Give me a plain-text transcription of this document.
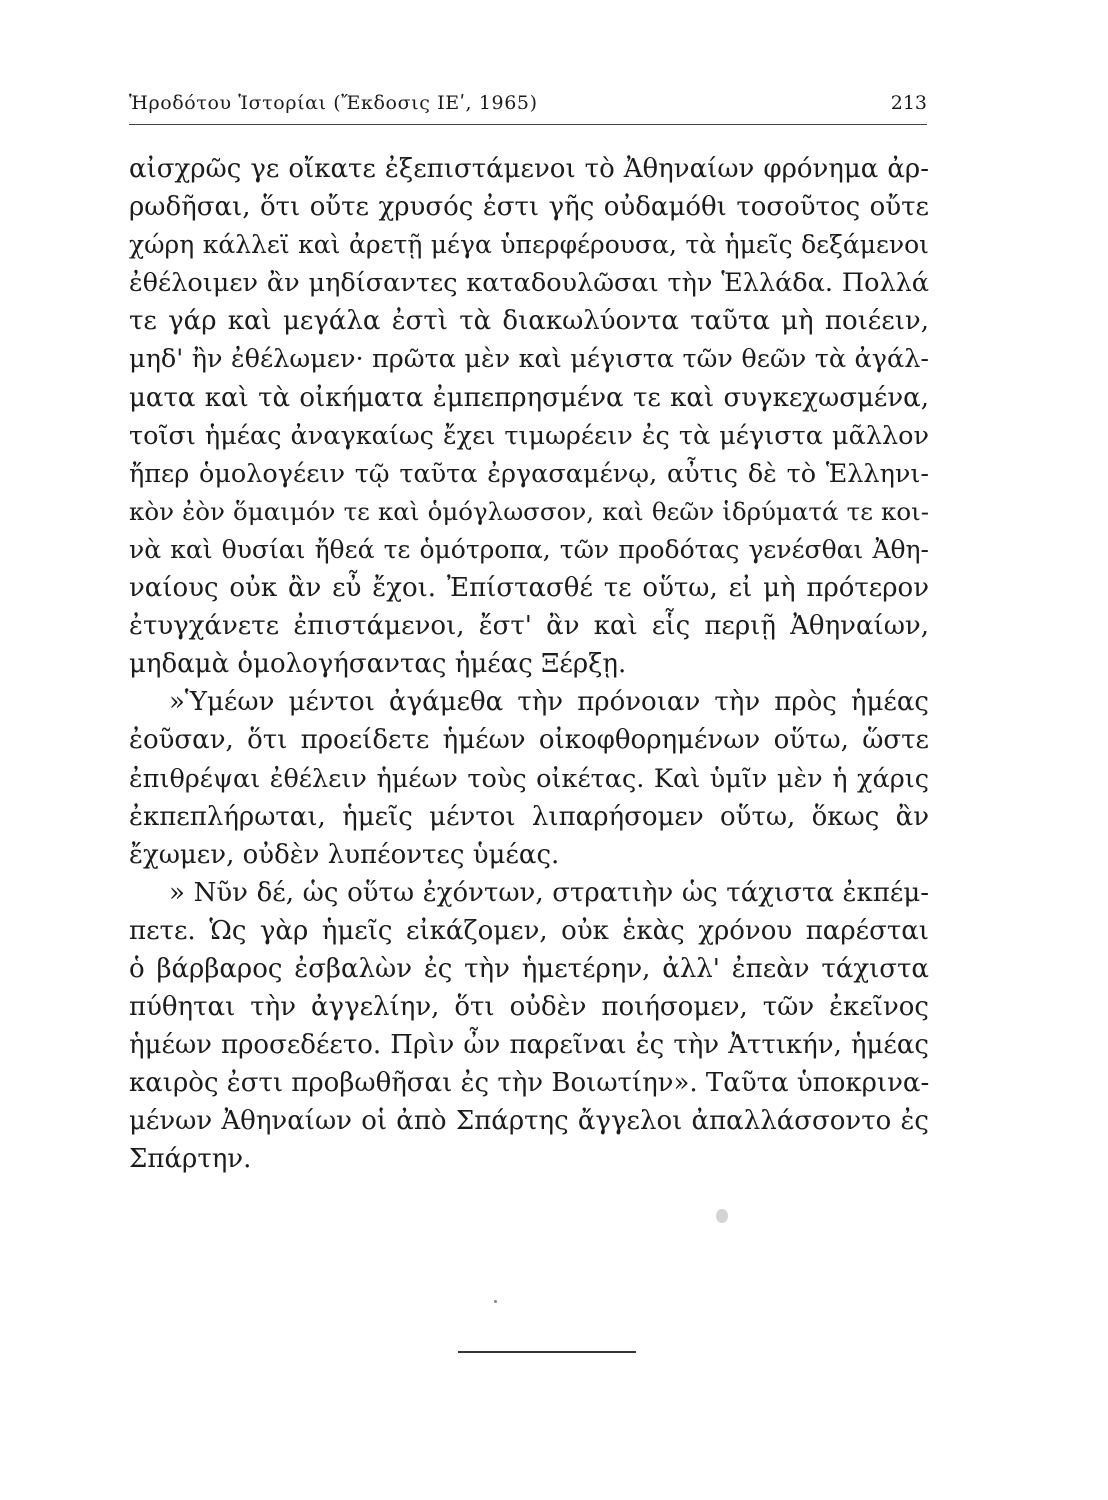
Ἡροδότου Ἱστορίαι (Ἔκδοσις ΙΕʹ, 1965)	213
αἰσχρῶς γε οἴκατε ἐξεπιστάμενοι τὸ Ἀθηναίων φρόνημα ἀρ-
ρωδῆσαι, ὅτι οὔτε χρυσός ἐστι γῆς οὐδαμόθι τοσοῦτος οὔτε
χώρη κάλλεϊ καὶ ἀρετῇ μέγα ὑπερφέρουσα, τὰ ἡμεῖς δεξάμενοι
ἐθέλοιμεν ἂν μηδίσαντες καταδουλῶσαι τὴν Ἑλλάδα. Πολλά
τε γάρ καὶ μεγάλα ἐστὶ τὰ διακωλύοντα ταῦτα μὴ ποιέειν,
μηδ' ἢν ἐθέλωμεν· πρῶτα μὲν καὶ μέγιστα τῶν θεῶν τὰ ἀγάλ-
ματα καὶ τὰ οἰκήματα ἐμπεπρησμένα τε καὶ συγκεχωσμένα,
τοῖσι ἡμέας ἀναγκαίως ἔχει τιμωρέειν ἐς τὰ μέγιστα μᾶλλον
ἤπερ ὁμολογέειν τῷ ταῦτα ἐργασαμένῳ, αὖτις δὲ τὸ Ἑλληνι-
κὸν ἐὸν ὅμαιμόν τε καὶ ὁμόγλωσσον, καὶ θεῶν ἱδρύματά τε κοι-
νὰ καὶ θυσίαι ἤθεά τε ὁμότροπα, τῶν προδότας γενέσθαι Ἀθη-
ναίους οὐκ ἂν εὖ ἔχοι. Ἐπίστασθέ τε οὕτω, εἰ μὴ πρότερον
ἐτυγχάνετε ἐπιστάμενοι, ἔστ' ἂν καὶ εἷς περιῇ Ἀθηναίων,
μηδαμὰ ὁμολογήσαντας ἡμέας Ξέρξῃ.
»Ὑμέων μέντοι ἀγάμεθα τὴν πρόνοιαν τὴν πρὸς ἡμέας
ἐοῦσαν, ὅτι προείδετε ἡμέων οἰκοφθορημένων οὕτω, ὥστε
ἐπιθρέψαι ἐθέλειν ἡμέων τοὺς οἰκέτας. Καὶ ὑμῖν μὲν ἡ χάρις
ἐκπεπλήρωται, ἡμεῖς μέντοι λιπαρήσομεν οὕτω, ὅκως ἂν
ἔχωμεν, οὐδὲν λυπέοντες ὑμέας.
» Νῦν δέ, ὡς οὕτω ἐχόντων, στρατιὴν ὡς τάχιστα ἐκπέμ-
πετε. Ὡς γὰρ ἡμεῖς εἰκάζομεν, οὐκ ἑκὰς χρόνου παρέσται
ὁ βάρβαρος ἐσβαλὼν ἐς τὴν ἡμετέρην, ἀλλ' ἐπεὰν τάχιστα
πύθηται τὴν ἀγγελίην, ὅτι οὐδὲν ποιήσομεν, τῶν ἐκεῖνος
ἡμέων προσεδέετο. Πρὶν ὦν παρεῖναι ἐς τὴν Ἀττικήν, ἡμέας
καιρὸς ἐστι προβωθῆσαι ἐς τὴν Βοιωτίην». Ταῦτα ὑποκρινα-
μένων Ἀθηναίων οἱ ἀπὸ Σπάρτης ἄγγελοι ἀπαλλάσσοντο ἐς
Σπάρτην.
